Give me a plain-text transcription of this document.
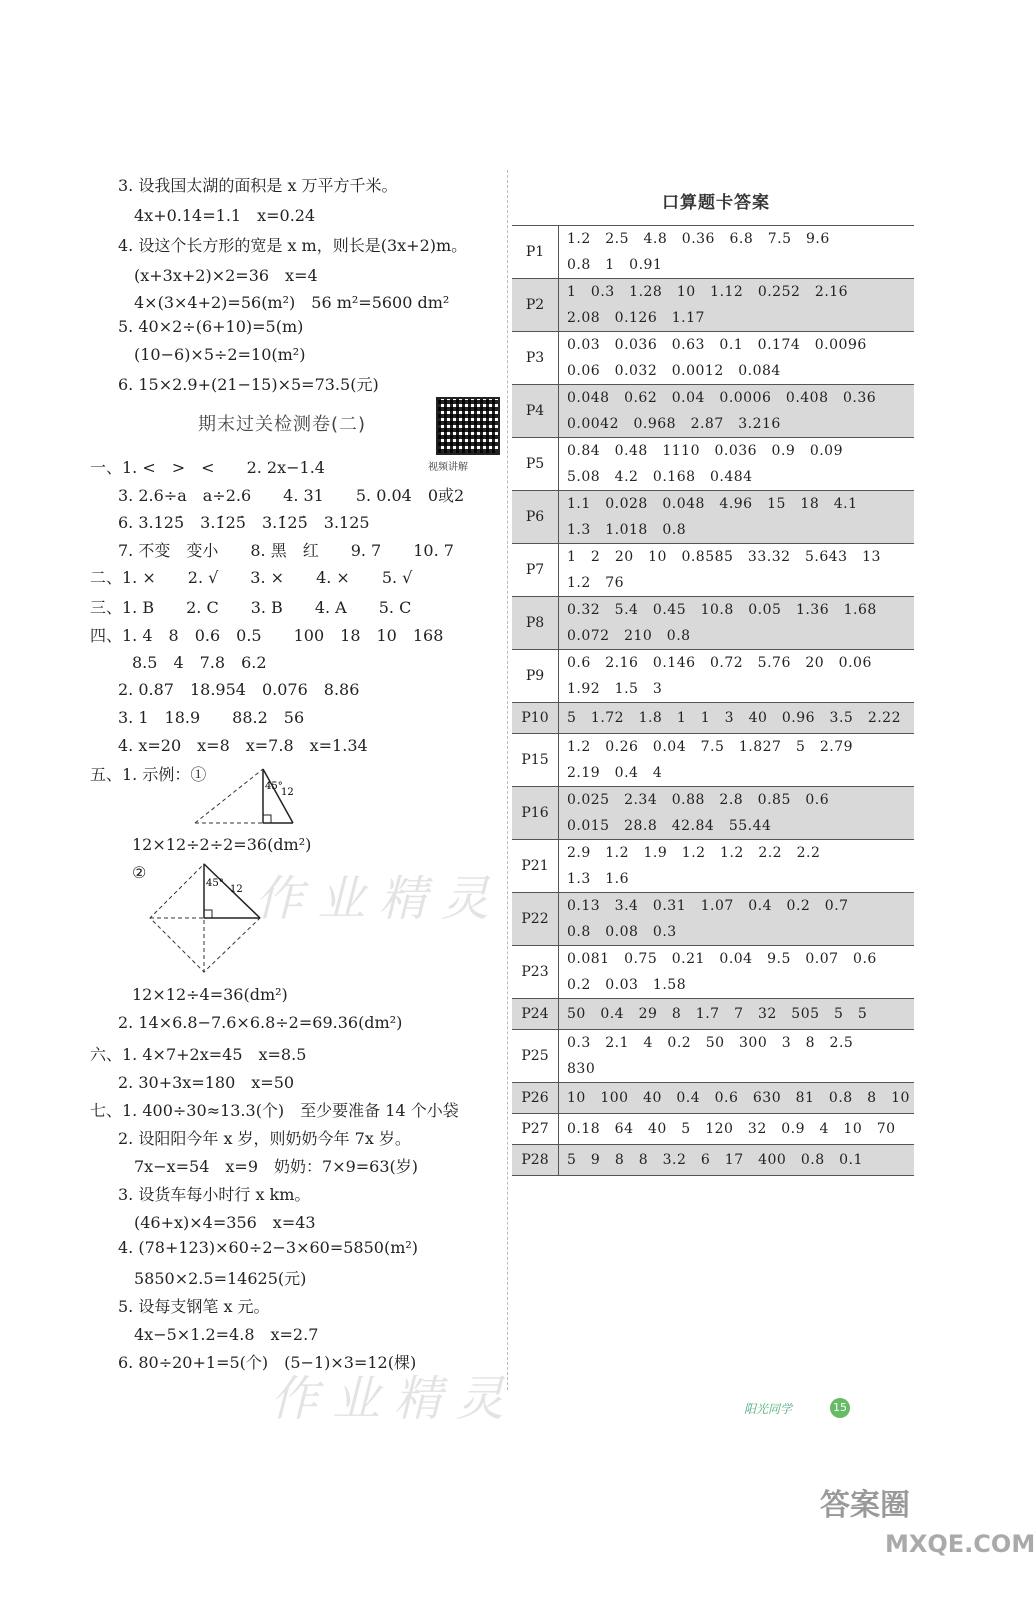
3. 设我国太湖的面积是 x 万平方千米。
4x+0.14=1.1　x=0.24
4. 设这个长方形的宽是 x m，则长是(3x+2)m。
(x+3x+2)×2=36　x=4
4×(3×4+2)=56(m²)　56 m²=5600 dm²
5. 40×2÷(6+10)=5(m)
(10−6)×5÷2=10(m²)
6. 15×2.9+(21−15)×5=73.5(元)
期末过关检测卷(二)
视频讲解
一、1. <　>　<　　2. 2x−1.4
3. 2.6÷a　a÷2.6　　4. 31　　5. 0.04　0或2
6. 3.125̇　3.1̇25̇　3.1̇25̇　3.125
7. 不变　变小　　8. 黑　红　　9. 7　　10. 7
二、1. ×　　2. √　　3. ×　　4. ×　　5. √
三、1. B　　2. C　　3. B　　4. A　　5. C
四、1. 4　8　0.6　0.5　　100　18　10　168
8.5　4　7.8　6.2
2. 0.87　18.954　0.076　8.86
3. 1　18.9　　88.2　56
4. x=20　x=8　x=7.8　x=1.34
五、1. 示例：①
45°
12
12×12÷2÷2=36(dm²)
②
45°
12
12×12÷4=36(dm²)
2. 14×6.8−7.6×6.8÷2=69.36(dm²)
六、1. 4×7+2x=45　x=8.5
2. 30+3x=180　x=50
七、1. 400÷30≈13.3(个)　至少要准备 14 个小袋
2. 设阳阳今年 x 岁，则奶奶今年 7x 岁。
7x−x=54　x=9　奶奶：7×9=63(岁)
3. 设货车每小时行 x km。
(46+x)×4=356　x=43
4. (78+123)×60÷2−3×60=5850(m²)
5850×2.5=14625(元)
5. 设每支钢笔 x 元。
4x−5×1.2=4.8　x=2.7
6. 80÷20+1=5(个)　(5−1)×3=12(棵)
作业精灵
作业精灵
口算题卡答案
P1	1.2　2.5　4.8　0.36　6.8　7.5　9.6
0.8　1　0.91

P2	1　0.3　1.28　10　1.12　0.252　2.16
2.08　0.126　1.17

P3	0.03　0.036　0.63　0.1　0.174　0.0096
0.06　0.032　0.0012　0.084

P4	0.048　0.62　0.04　0.0006　0.408　0.36
0.0042　0.968　2.87　3.216

P5	0.84　0.48　1110　0.036　0.9　0.09
5.08　4.2　0.168　0.484

P6	1.1　0.028　0.048　4.96　15　18　4.1
1.3　1.018　0.8

P7	1　2　20　10　0.8585　33.32　5.643　13
1.2　76

P8	0.32　5.4　0.45　10.8　0.05　1.36　1.68
0.072　210　0.8

P9	0.6　2.16　0.146　0.72　5.76　20　0.06
1.92　1.5　3

P10	5　1.72　1.8　1　1　3　40　0.96　3.5　2.22

P15	1.2　0.26　0.04　7.5　1.827　5　2.79
2.19　0.4　4

P16	0.025　2.34　0.88　2.8　0.85　0.6
0.015　28.8　42.84　55.44

P21	2.9　1.2　1.9　1.2　1.2　2.2　2.2
1.3　1.6

P22	0.13　3.4　0.31　1.07　0.4　0.2　0.7
0.8　0.08　0.3

P23	0.081　0.75　0.21　0.04　9.5　0.07　0.6
0.2　0.03　1.58

P24	50　0.4　29　8　1.7　7　32　505　5　5

P25	0.3　2.1　4　0.2　50　300　3　8　2.5
830

P26	10　100　40　0.4　0.6　630　81　0.8　8　10

P27	0.18　64　40　5　120　32　0.9　4　10　70

P28	5　9　8　8　3.2　6　17　400　0.8　0.1
阳光同学	15
答案圈
MXQE.COM
